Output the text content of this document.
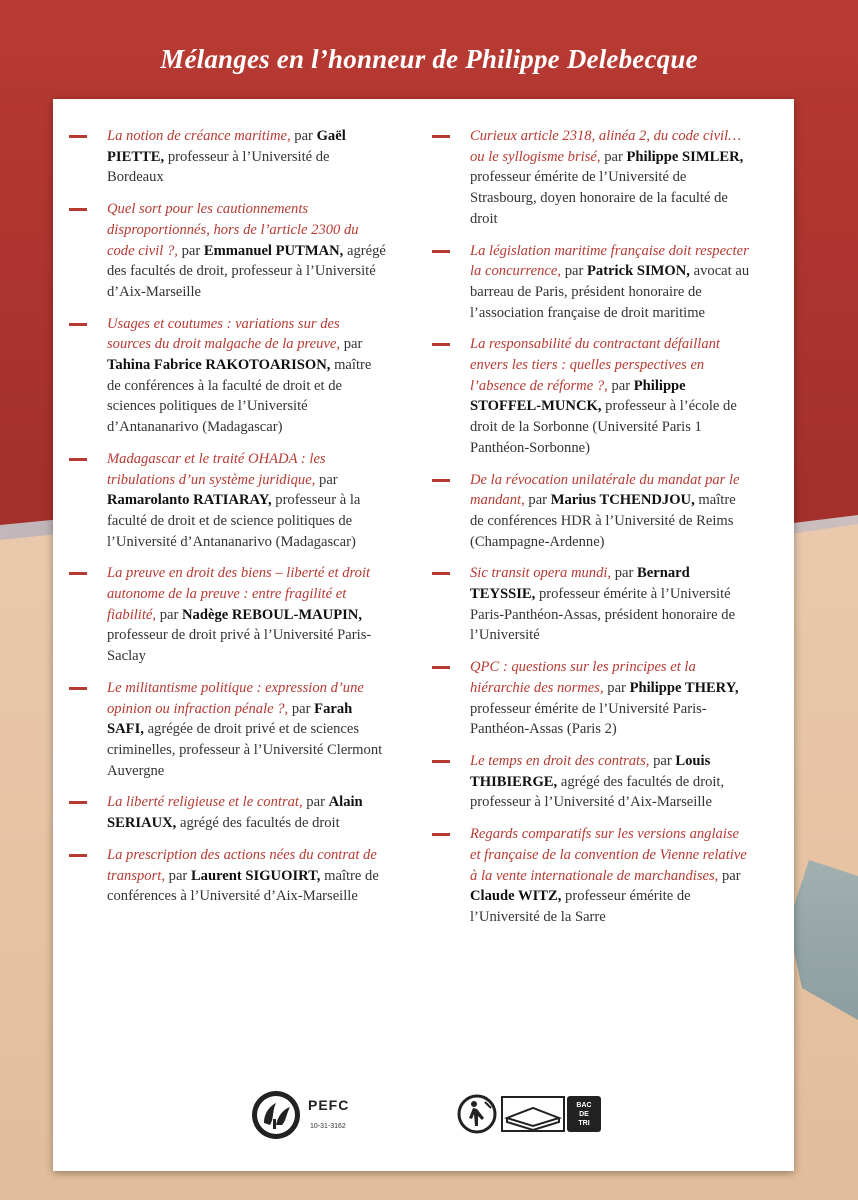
Mélanges en l’honneur de Philippe Delebecque
La notion de créance maritime, par Gaël PIETTE, professeur à l’Université de Bordeaux
Quel sort pour les cautionnements disproportionnés, hors de l’article 2300 du code civil ?, par Emmanuel PUTMAN, agrégé des facultés de droit, professeur à l’Université d’Aix-Marseille
Usages et coutumes : variations sur des sources du droit malgache de la preuve, par Tahina Fabrice RAKOTOARISON, maître de conférences à la faculté de droit et de sciences politiques de l’Université d’Antananarivo (Madagascar)
Madagascar et le traité OHADA : les tribulations d’un système juridique, par Ramarolanto RATIARAY, professeur à la faculté de droit et de science politiques de l’Université d’Antananarivo (Madagascar)
La preuve en droit des biens – liberté et droit autonome de la preuve : entre fragilité et fiabilité, par Nadège REBOUL-MAUPIN, professeur de droit privé à l’Université Paris-Saclay
Le militantisme politique : expression d’une opinion ou infraction pénale ?, par Farah SAFI, agrégée de droit privé et de sciences criminelles, professeur à l’Université Clermont Auvergne
La liberté religieuse et le contrat, par Alain SERIAUX, agrégé des facultés de droit
La prescription des actions nées du contrat de transport, par Laurent SIGUOIRT, maître de conférences à l’Université d’Aix-Marseille
Curieux article 2318, alinéa 2, du code civil… ou le syllogisme brisé, par Philippe SIMLER, professeur émérite de l’Université de Strasbourg, doyen honoraire de la faculté de droit
La législation maritime française doit respecter la concurrence, par Patrick SIMON, avocat au barreau de Paris, président honoraire de l’association française de droit maritime
La responsabilité du contractant défaillant envers les tiers : quelles perspectives en l’absence de réforme ?, par Philippe STOFFEL-MUNCK, professeur à l’école de droit de la Sorbonne (Université Paris 1 Panthéon-Sorbonne)
De la révocation unilatérale du mandat par le mandant, par Marius TCHENDJOU, maître de conférences HDR à l’Université de Reims (Champagne-Ardenne)
Sic transit opera mundi, par Bernard TEYSSIE, professeur émérite à l’Université Paris-Panthéon-Assas, président honoraire de l’Université
QPC : questions sur les principes et la hiérarchie des normes, par Philippe THERY, professeur émérite de l’Université Paris-Panthéon-Assas (Paris 2)
Le temps en droit des contrats, par Louis THIBIERGE, agrégé des facultés de droit, professeur à l’Université d’Aix-Marseille
Regards comparatifs sur les versions anglaise et française de la convention de Vienne relative à la vente internationale de marchandises, par Claude WITZ, professeur émérite de l’Université de la Sarre
PEFC
10-31-3162
BAC
DE
TRI
